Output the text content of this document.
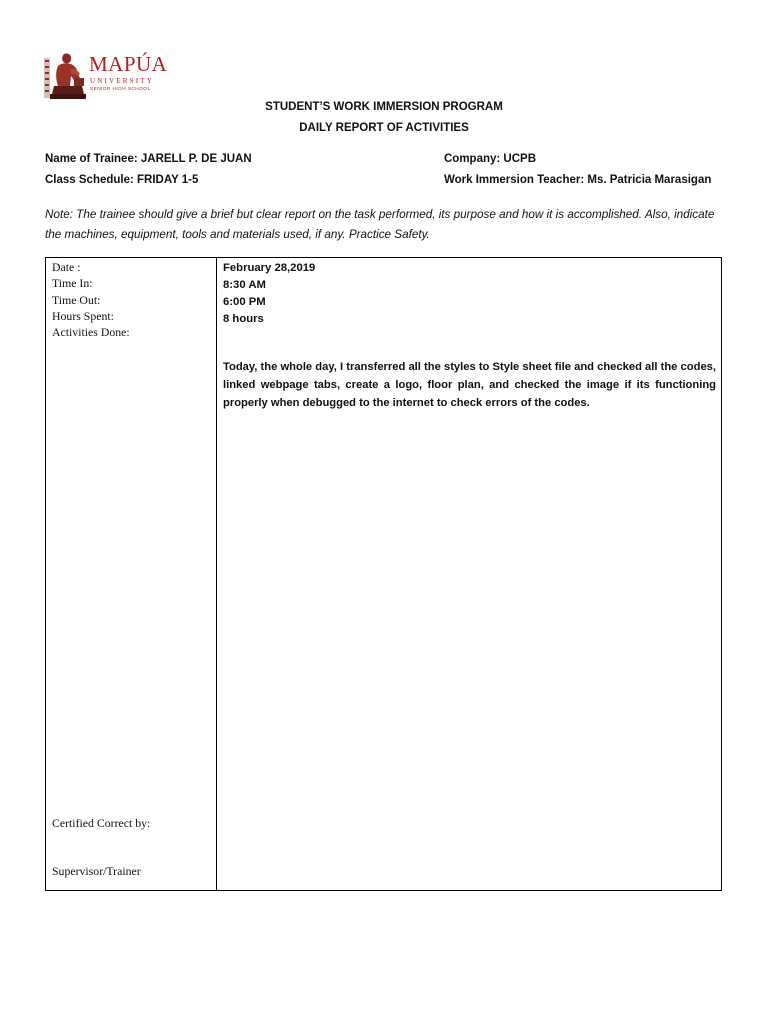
MAPÚA
UNIVERSITY
SENIOR HIGH SCHOOL
STUDENT’S WORK IMMERSION PROGRAM
DAILY REPORT OF ACTIVITIES
Name of Trainee: JARELL P. DE JUAN	Company: UCPB
Class Schedule: FRIDAY 1-5	Work Immersion Teacher: Ms. Patricia Marasigan
Note: The trainee should give a brief but clear report on the task performed, its purpose and how it is accomplished. Also, indicate the machines, equipment, tools and materials used, if any. Practice Safety.
Date :
Time In:
Time Out:
Hours Spent:
Activities Done:
Certified Correct by:
Supervisor/Trainer
February 28,2019
8:30 AM
6:00 PM
8 hours
Today, the whole day, I transferred all the styles to Style sheet file and checked all the codes, linked webpage tabs, create a logo, floor plan, and checked the image if its functioning properly when debugged to the internet to check errors of the codes.
